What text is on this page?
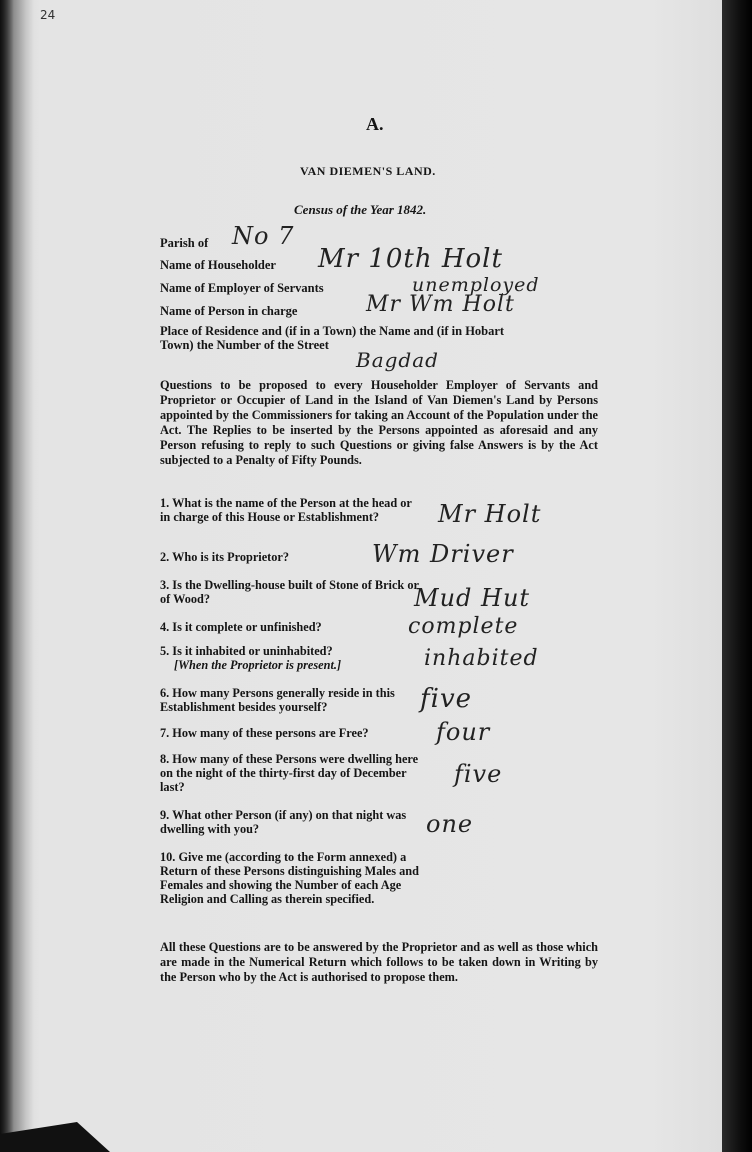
24
A.
VAN DIEMEN'S LAND.
Census of the Year 1842.
Parish of No 7
Name of Householder Mr 10th Holt
Name of Employer of Servants	unemployed
Name of Person in charge	Mr Wm Holt
Place of Residence and (if in a Town) the Name and (if in Hobart
Town) the Number of the Street
Bagdad
Questions to be proposed to every Householder Employer of Servants and Proprietor or Occupier of Land in the Island of Van Diemen's Land by Persons appointed by the Commissioners for taking an Account of the Population under the Act. The Replies to be inserted by the Persons appointed as aforesaid and any Person refusing to reply to such Questions or giving false Answers is by the Act subjected to a Penalty of Fifty Pounds.
1. What is the name of the Person at the head or in charge of this House or Establishment?	Mr Holt
2. Who is its Proprietor?	Wm Driver
3. Is the Dwelling-house built of Stone of Brick or of Wood?	Mud Hut
4. Is it complete or unfinished?	complete
5. Is it inhabited or uninhabited?
[When the Proprietor is present.]	inhabited
6. How many Persons generally reside in this Establishment besides yourself?	five
7. How many of these persons are Free?	four
8. How many of these Persons were dwelling here on the night of the thirty-first day of December last?	five
9. What other Person (if any) on that night was dwelling with you?	one
10. Give me (according to the Form annexed) a Return of these Persons distinguishing Males and Females and showing the Number of each Age Religion and Calling as therein specified.
All these Questions are to be answered by the Proprietor and as well as those which are made in the Numerical Return which follows to be taken down in Writing by the Person who by the Act is authorised to propose them.
